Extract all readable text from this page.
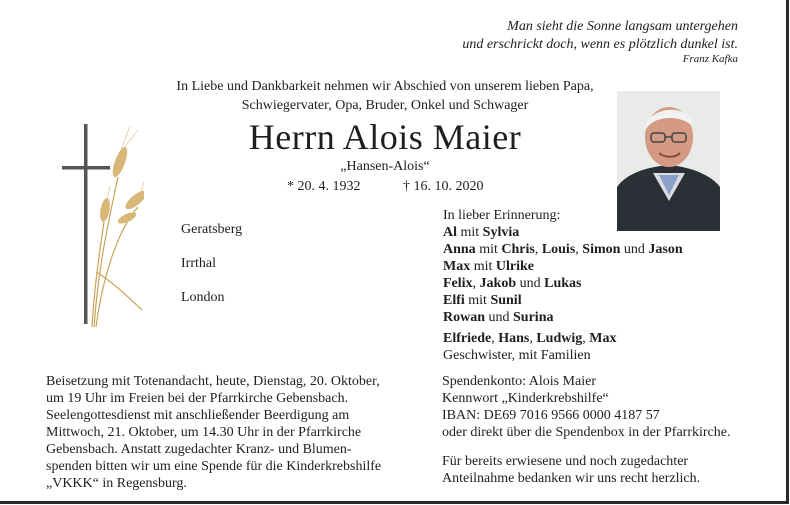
Man sieht die Sonne langsam untergehen
und erschrickt doch, wenn es plötzlich dunkel ist.
Franz Kafka
In Liebe und Dankbarkeit nehmen wir Abschied von unserem lieben Papa,
Schwiegervater, Opa, Bruder, Onkel und Schwager
Herrn Alois Maier
„Hansen-Alois“
* 20. 4. 1932	† 16. 10. 2020
Geratsberg
Irrthal
London
In lieber Erinnerung:
Al mit Sylvia
Anna mit Chris, Louis, Simon und Jason
Max mit Ulrike
Felix, Jakob und Lukas
Elfi mit Sunil
Rowan und Surina
Elfriede, Hans, Ludwig, Max
Geschwister, mit Familien
Beisetzung mit Totenandacht, heute, Dienstag, 20. Oktober,
um 19 Uhr im Freien bei der Pfarrkirche Gebensbach.
Seelengottesdienst mit anschließender Beerdigung am
Mittwoch, 21. Oktober, um 14.30 Uhr in der Pfarrkirche
Gebensbach. Anstatt zugedachter Kranz- und Blumen-
spenden bitten wir um eine Spende für die Kinderkrebshilfe
„VKKK“ in Regensburg.
Spendenkonto: Alois Maier
Kennwort „Kinderkrebshilfe“
IBAN: DE69 7016 9566 0000 4187 57
oder direkt über die Spendenbox in der Pfarrkirche.
Für bereits erwiesene und noch zugedachter
Anteilnahme bedanken wir uns recht herzlich.
